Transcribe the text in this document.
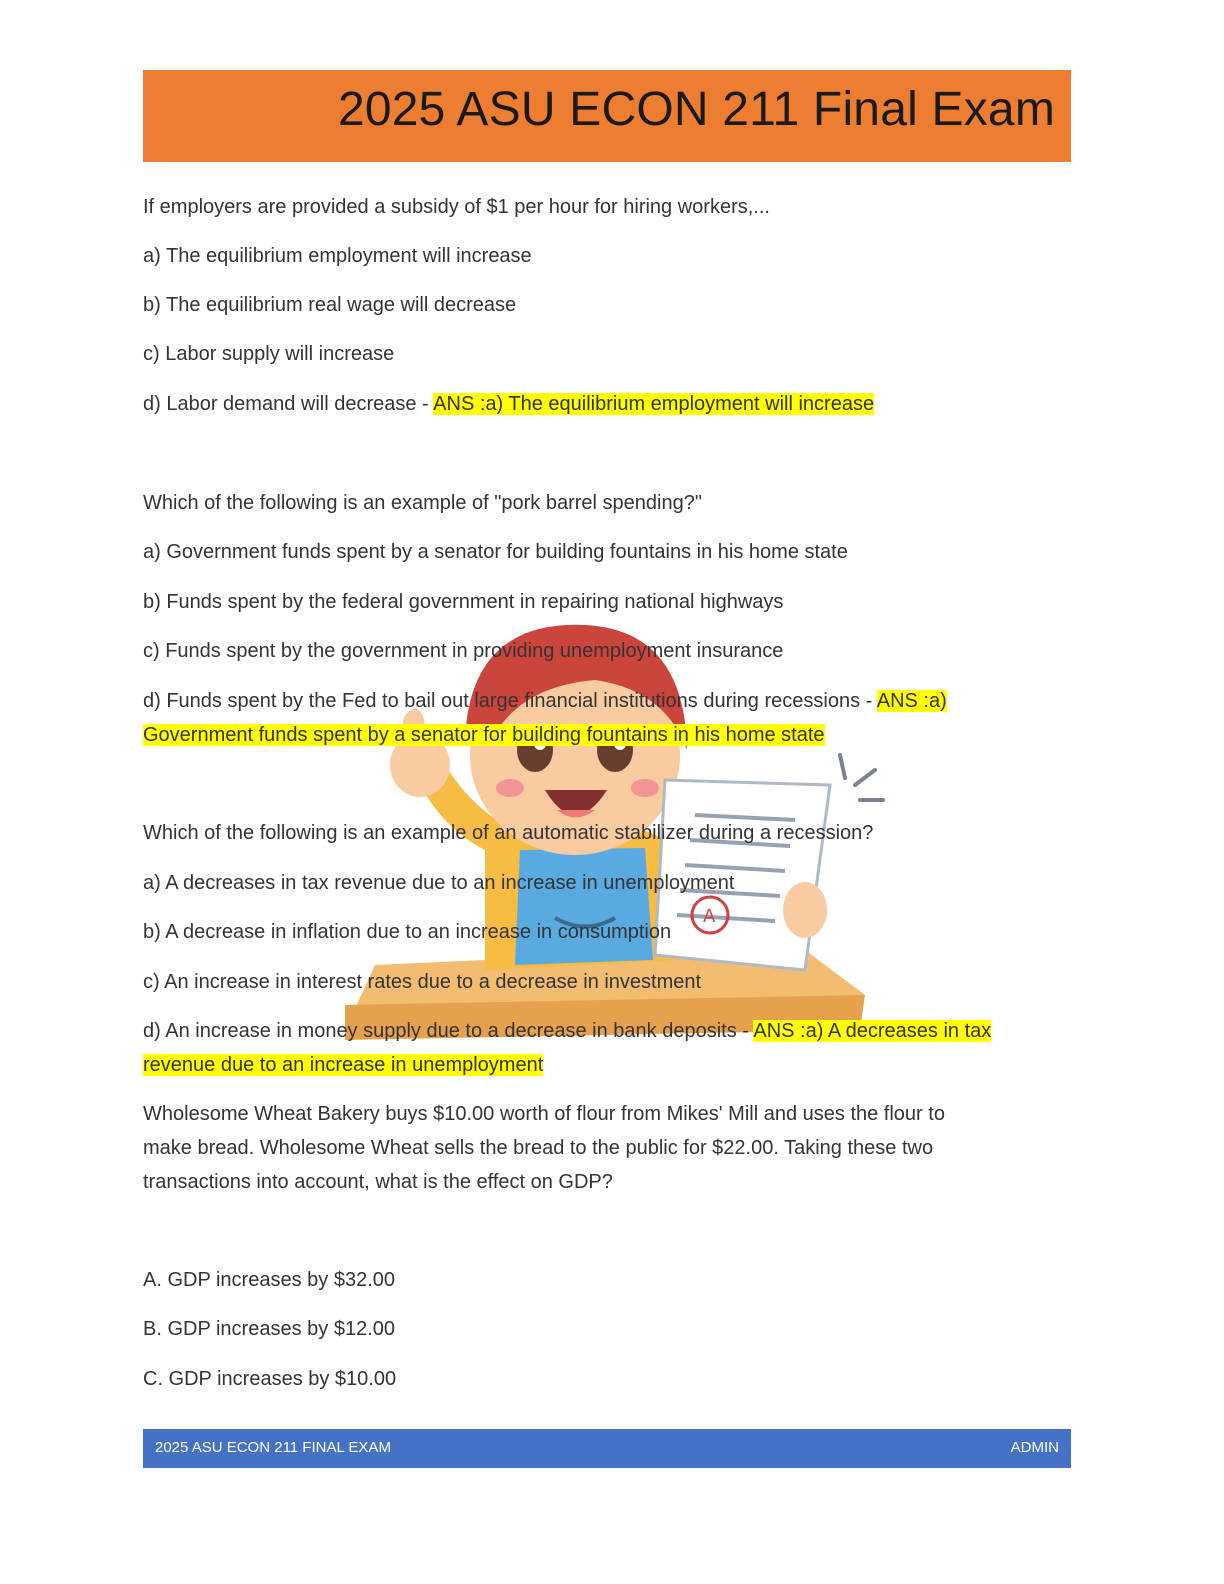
2025 ASU ECON 211 Final Exam
A
If employers are provided a subsidy of $1 per hour for hiring workers,...
a) The equilibrium employment will increase
b) The equilibrium real wage will decrease
c) Labor supply will increase
d) Labor demand will decrease - ANS :a) The equilibrium employment will increase
Which of the following is an example of "pork barrel spending?"
a) Government funds spent by a senator for building fountains in his home state
b) Funds spent by the federal government in repairing national highways
c) Funds spent by the government in providing unemployment insurance
d) Funds spent by the Fed to bail out large financial institutions during recessions - ANS :a)
Government funds spent by a senator for building fountains in his home state
Which of the following is an example of an automatic stabilizer during a recession?
a) A decreases in tax revenue due to an increase in unemployment
b) A decrease in inflation due to an increase in consumption
c) An increase in interest rates due to a decrease in investment
d) An increase in money supply due to a decrease in bank deposits - ANS :a) A decreases in tax
revenue due to an increase in unemployment
Wholesome Wheat Bakery buys $10.00 worth of flour from Mikes' Mill and uses the flour to
make bread. Wholesome Wheat sells the bread to the public for $22.00. Taking these two
transactions into account, what is the effect on GDP?
A. GDP increases by $32.00
B. GDP increases by $12.00
C. GDP increases by $10.00
2025 ASU ECON 211 FINAL EXAM	ADMIN
